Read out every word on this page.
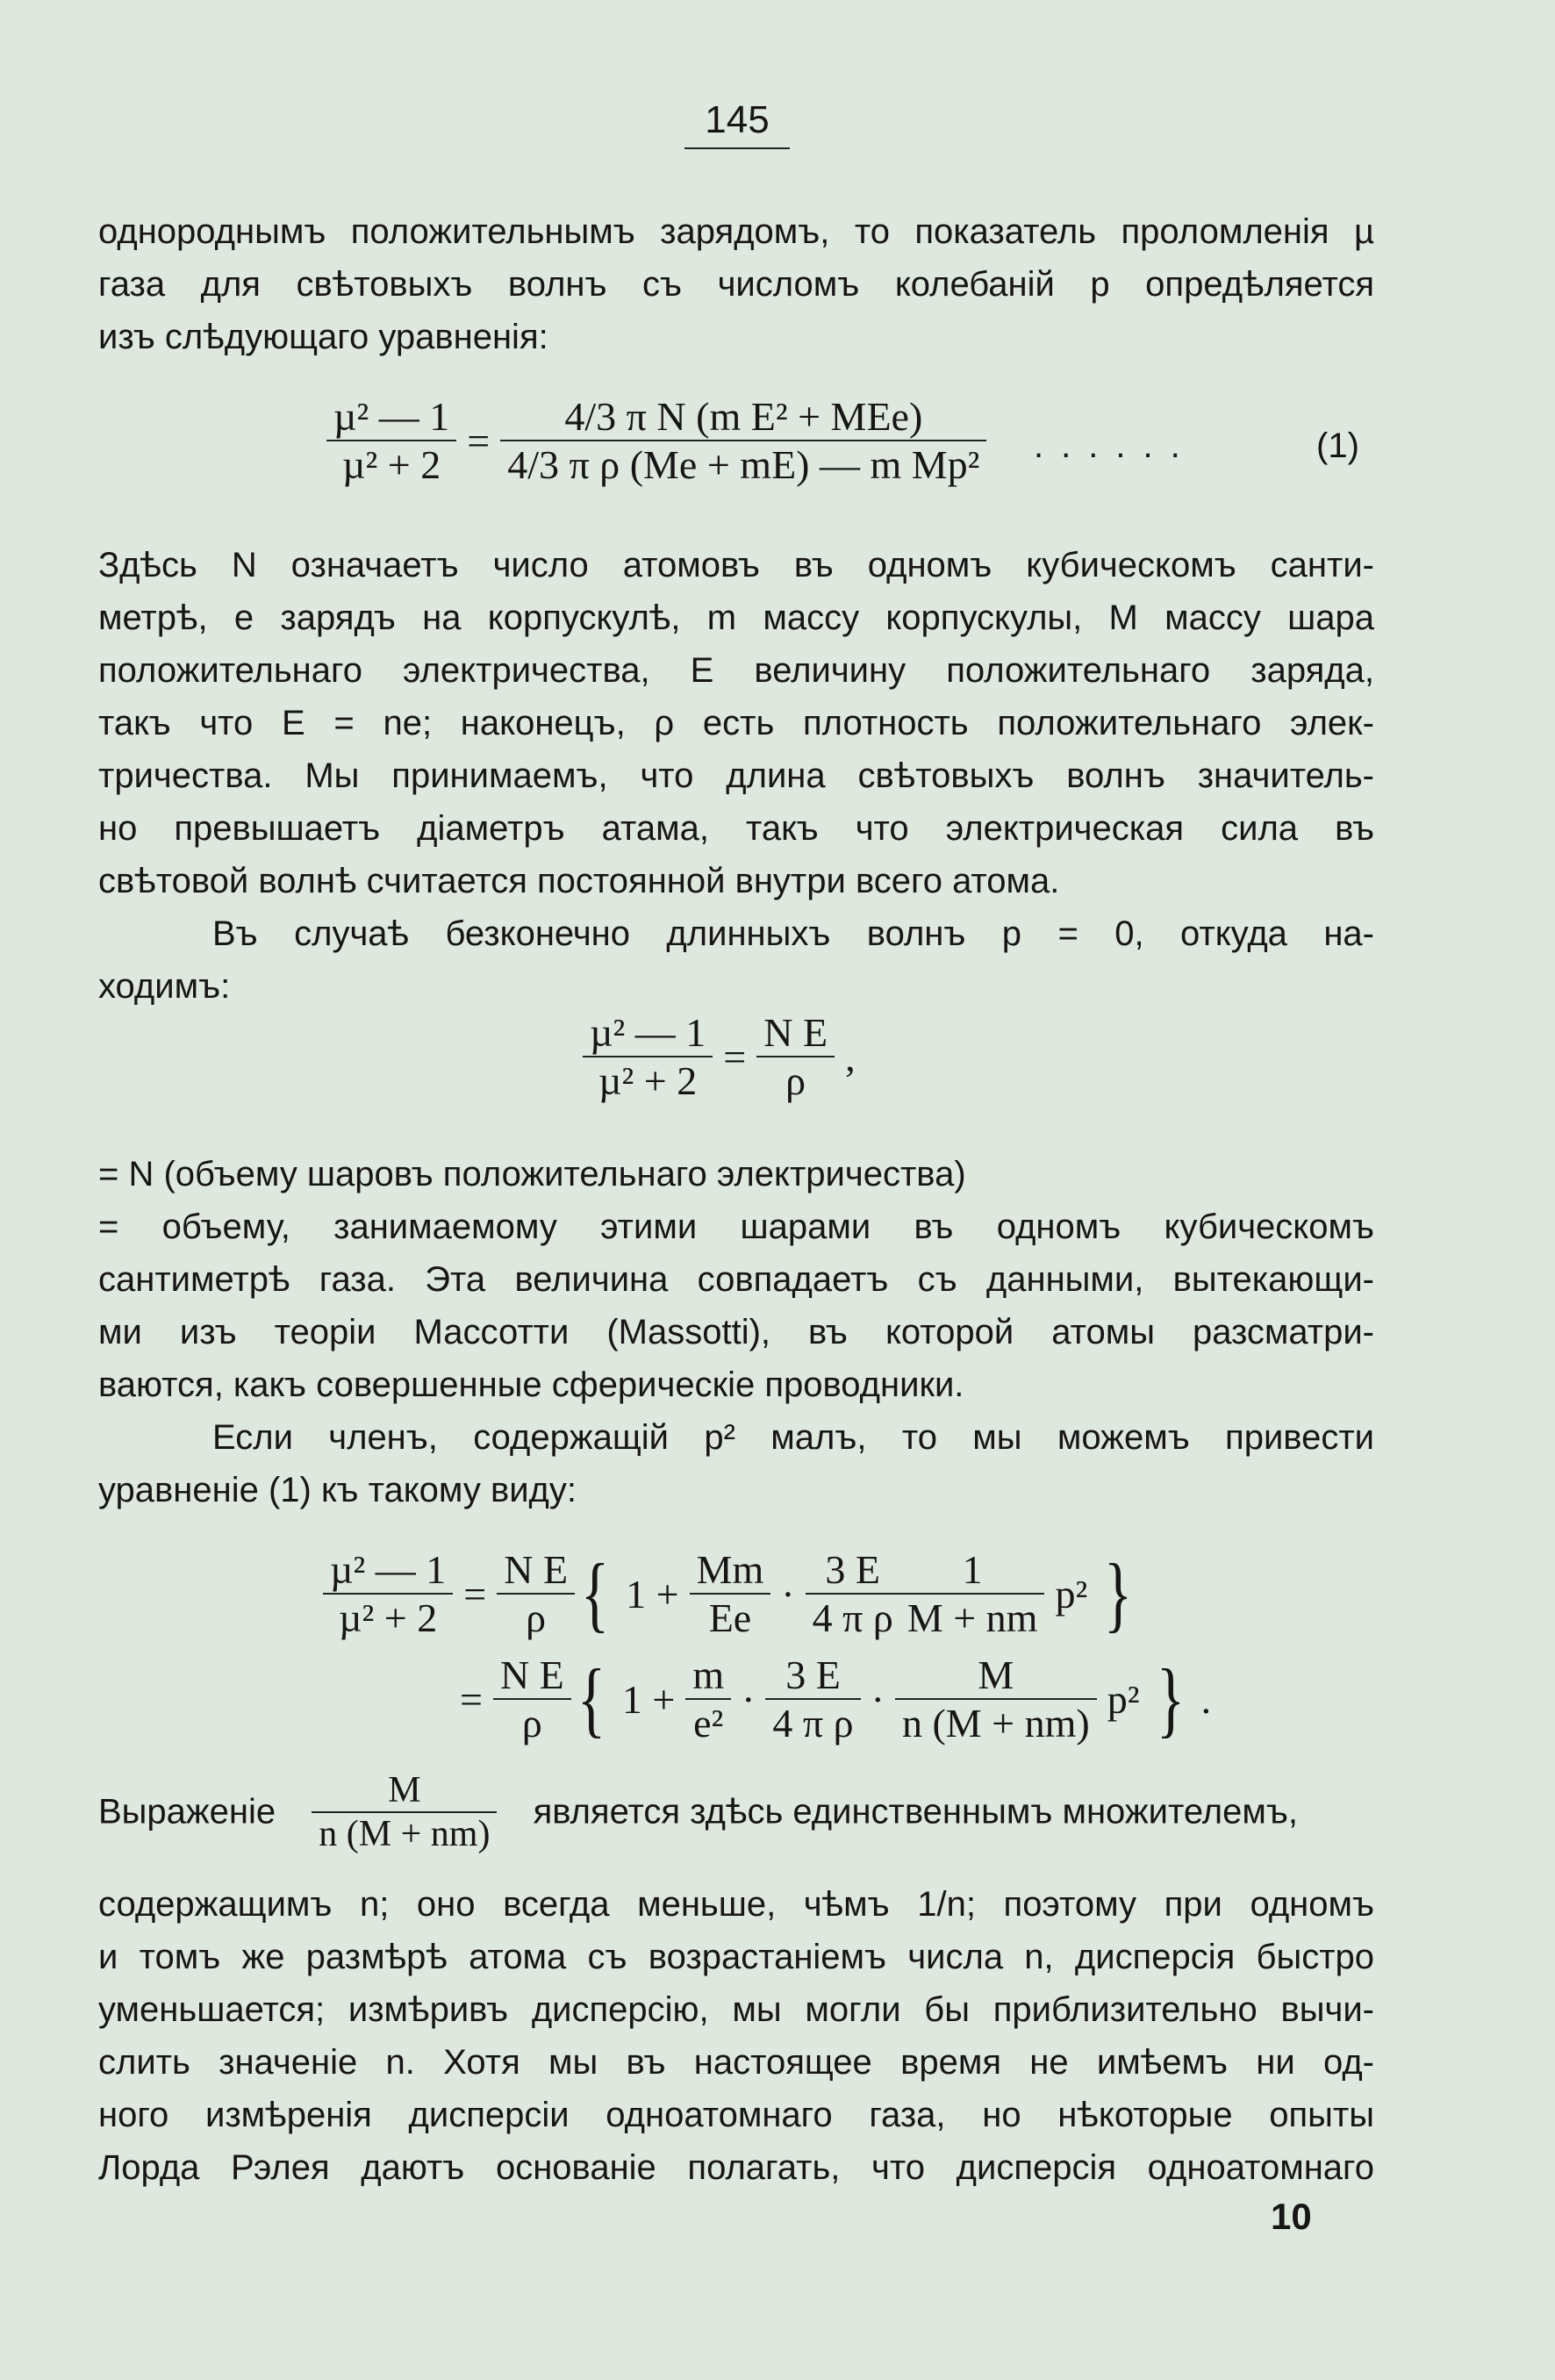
145
однороднымъ положительнымъ зарядомъ, то показатель проломленія µ
газа для свѣтовыхъ волнъ съ числомъ колебаній p опредѣляется
изъ слѣдующаго уравненія:
$\frac{\text{µ² — 1}}{\text{µ² + 2}} = \frac{\text{4/3 π N (m E² + MEe)}}{\text{4/3 π ρ (Me + mE) — m Mp²}}$ ......	(1)
Здѣсь N означаетъ число атомовъ въ одномъ кубическомъ санти-
метрѣ, e зарядъ на корпускулѣ, m массу корпускулы, M массу шара
положительнаго электричества, E величину положительнаго заряда,
такъ что E = ne; наконецъ, ρ есть плотность положительнаго элек-
тричества. Мы принимаемъ, что длина свѣтовыхъ волнъ значитель-
но превышаетъ діаметръ атама, такъ что электрическая сила въ
свѣтовой волнѣ считается постоянной внутри всего атома.
Въ случаѣ безконечно длинныхъ волнъ p = 0, откуда на-
ходимъ:
$\frac{\text{µ² — 1}}{\text{µ² + 2}} = \frac{\text{N E}}{\rho}$ ,
= N (объему шаровъ положительнаго электричества)
= объему, занимаемому этими шарами въ одномъ кубическомъ
сантиметрѣ газа. Эта величина совпадаетъ съ данными, вытекающи-
ми изъ теоріи Массотти (Massotti), въ которой атомы разсматри-
ваются, какъ совершенные сферическіе проводники.
Если членъ, содержащій p² малъ, то мы можемъ привести
уравненіе (1) къ такому виду:
$\frac{\text{µ² — 1}}{\text{µ² + 2}} = \frac{\text{N E}}{\rho}$ { $1 + \frac{Mm}{Ee} \cdot \frac{3 E}{\text{4 π ρ}} \frac{1}{M + nm} p^2$ }
= $\frac{\text{N E}}{\rho}$ { $1 + \frac{m}{\text{e²}} \cdot \frac{3 E}{\text{4 π ρ}} \cdot \frac{M}{n (M + nm)} p^2$ } .
Выраженіе $\frac{M}{n (M + nm)}$ является здѣсь единственнымъ множителемъ,
содержащимъ n; оно всегда меньше, чѣмъ 1/n; поэтому при одномъ
и томъ же размѣрѣ атома съ возрастаніемъ числа n, дисперсія быстро
уменьшается; измѣривъ дисперсію, мы могли бы приблизительно вычи-
слить значеніе n. Хотя мы въ настоящее время не имѣемъ ни од-
ного измѣренія дисперсіи одноатомнаго газа, но нѣкоторые опыты
Лорда Рэлея даютъ основаніе полагать, что дисперсія одноатомнаго
10
